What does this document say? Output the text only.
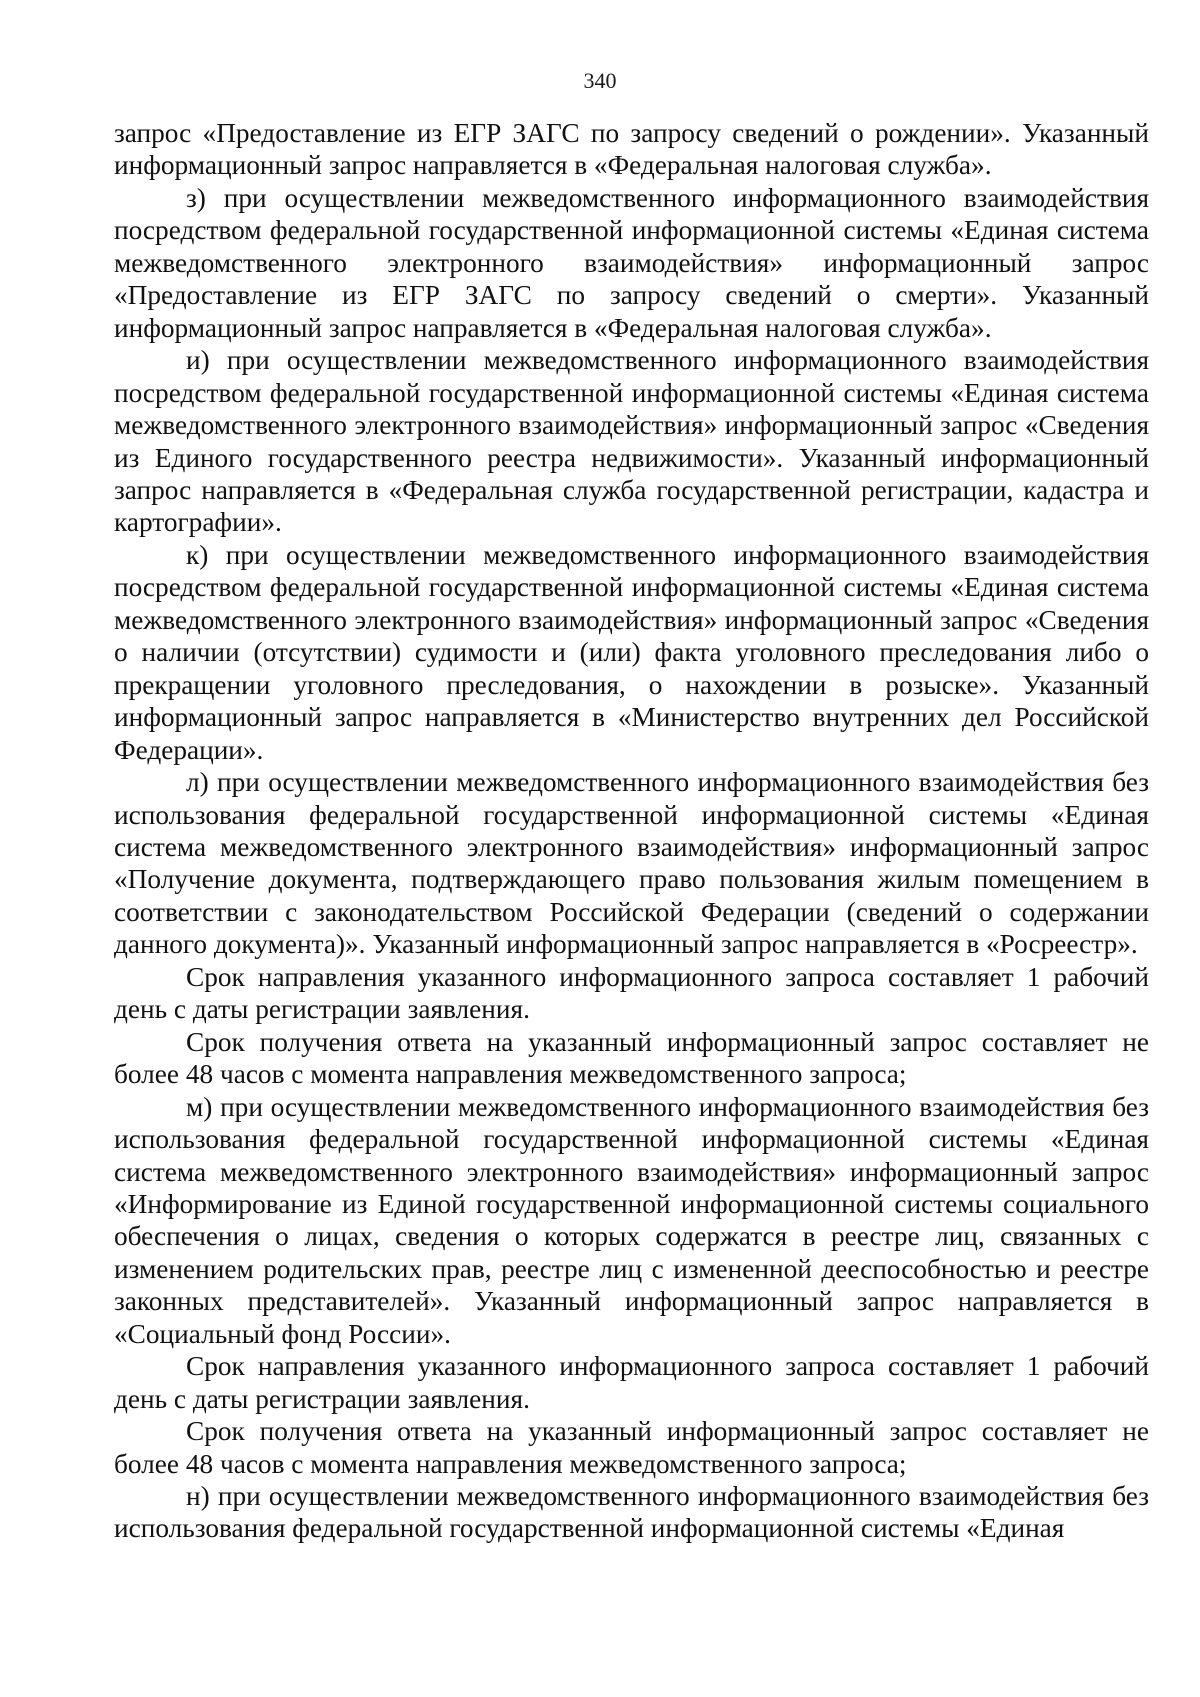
340

запрос «Предоставление из ЕГР ЗАГС по запросу сведений о рождении». Указанный информационный запрос направляется в «Федеральная налоговая служба».

з) при осуществлении межведомственного информационного взаимодействия посредством федеральной государственной информационной системы «Единая система межведомственного электронного взаимодействия» информационный запрос «Предоставление из ЕГР ЗАГС по запросу сведений о смерти». Указанный информационный запрос направляется в «Федеральная налоговая служба».

и) при осуществлении межведомственного информационного взаимодействия посредством федеральной государственной информационной системы «Единая система межведомственного электронного взаимодействия» информационный запрос «Сведения из Единого государственного реестра недвижимости». Указанный информационный запрос направляется в «Федеральная служба государственной регистрации, кадастра и картографии».

к) при осуществлении межведомственного информационного взаимодействия посредством федеральной государственной информационной системы «Единая система межведомственного электронного взаимодействия» информационный запрос «Сведения о наличии (отсутствии) судимости и (или) факта уголовного преследования либо о прекращении уголовного преследования, о нахождении в розыске». Указанный информационный запрос направляется в «Министерство внутренних дел Российской Федерации».

л) при осуществлении межведомственного информационного взаимодействия без использования федеральной государственной информационной системы «Единая система межведомственного электронного взаимодействия» информационный запрос «Получение документа, подтверждающего право пользования жилым помещением в соответствии с законодательством Российской Федерации (сведений о содержании данного документа)». Указанный информационный запрос направляется в «Росреестр».

Срок направления указанного информационного запроса составляет 1 рабочий день с даты регистрации заявления.

Срок получения ответа на указанный информационный запрос составляет не более 48 часов с момента направления межведомственного запроса;

м) при осуществлении межведомственного информационного взаимодействия без использования федеральной государственной информационной системы «Единая система межведомственного электронного взаимодействия» информационный запрос «Информирование из Единой государственной информационной системы социального обеспечения о лицах, сведения о которых содержатся в реестре лиц, связанных с изменением родительских прав, реестре лиц с измененной дееспособностью и реестре законных представителей». Указанный информационный запрос направляется в «Социальный фонд России».

Срок направления указанного информационного запроса составляет 1 рабочий день с даты регистрации заявления.

Срок получения ответа на указанный информационный запрос составляет не более 48 часов с момента направления межведомственного запроса;

н) при осуществлении межведомственного информационного взаимодействия без использования федеральной государственной информационной системы «Единая
